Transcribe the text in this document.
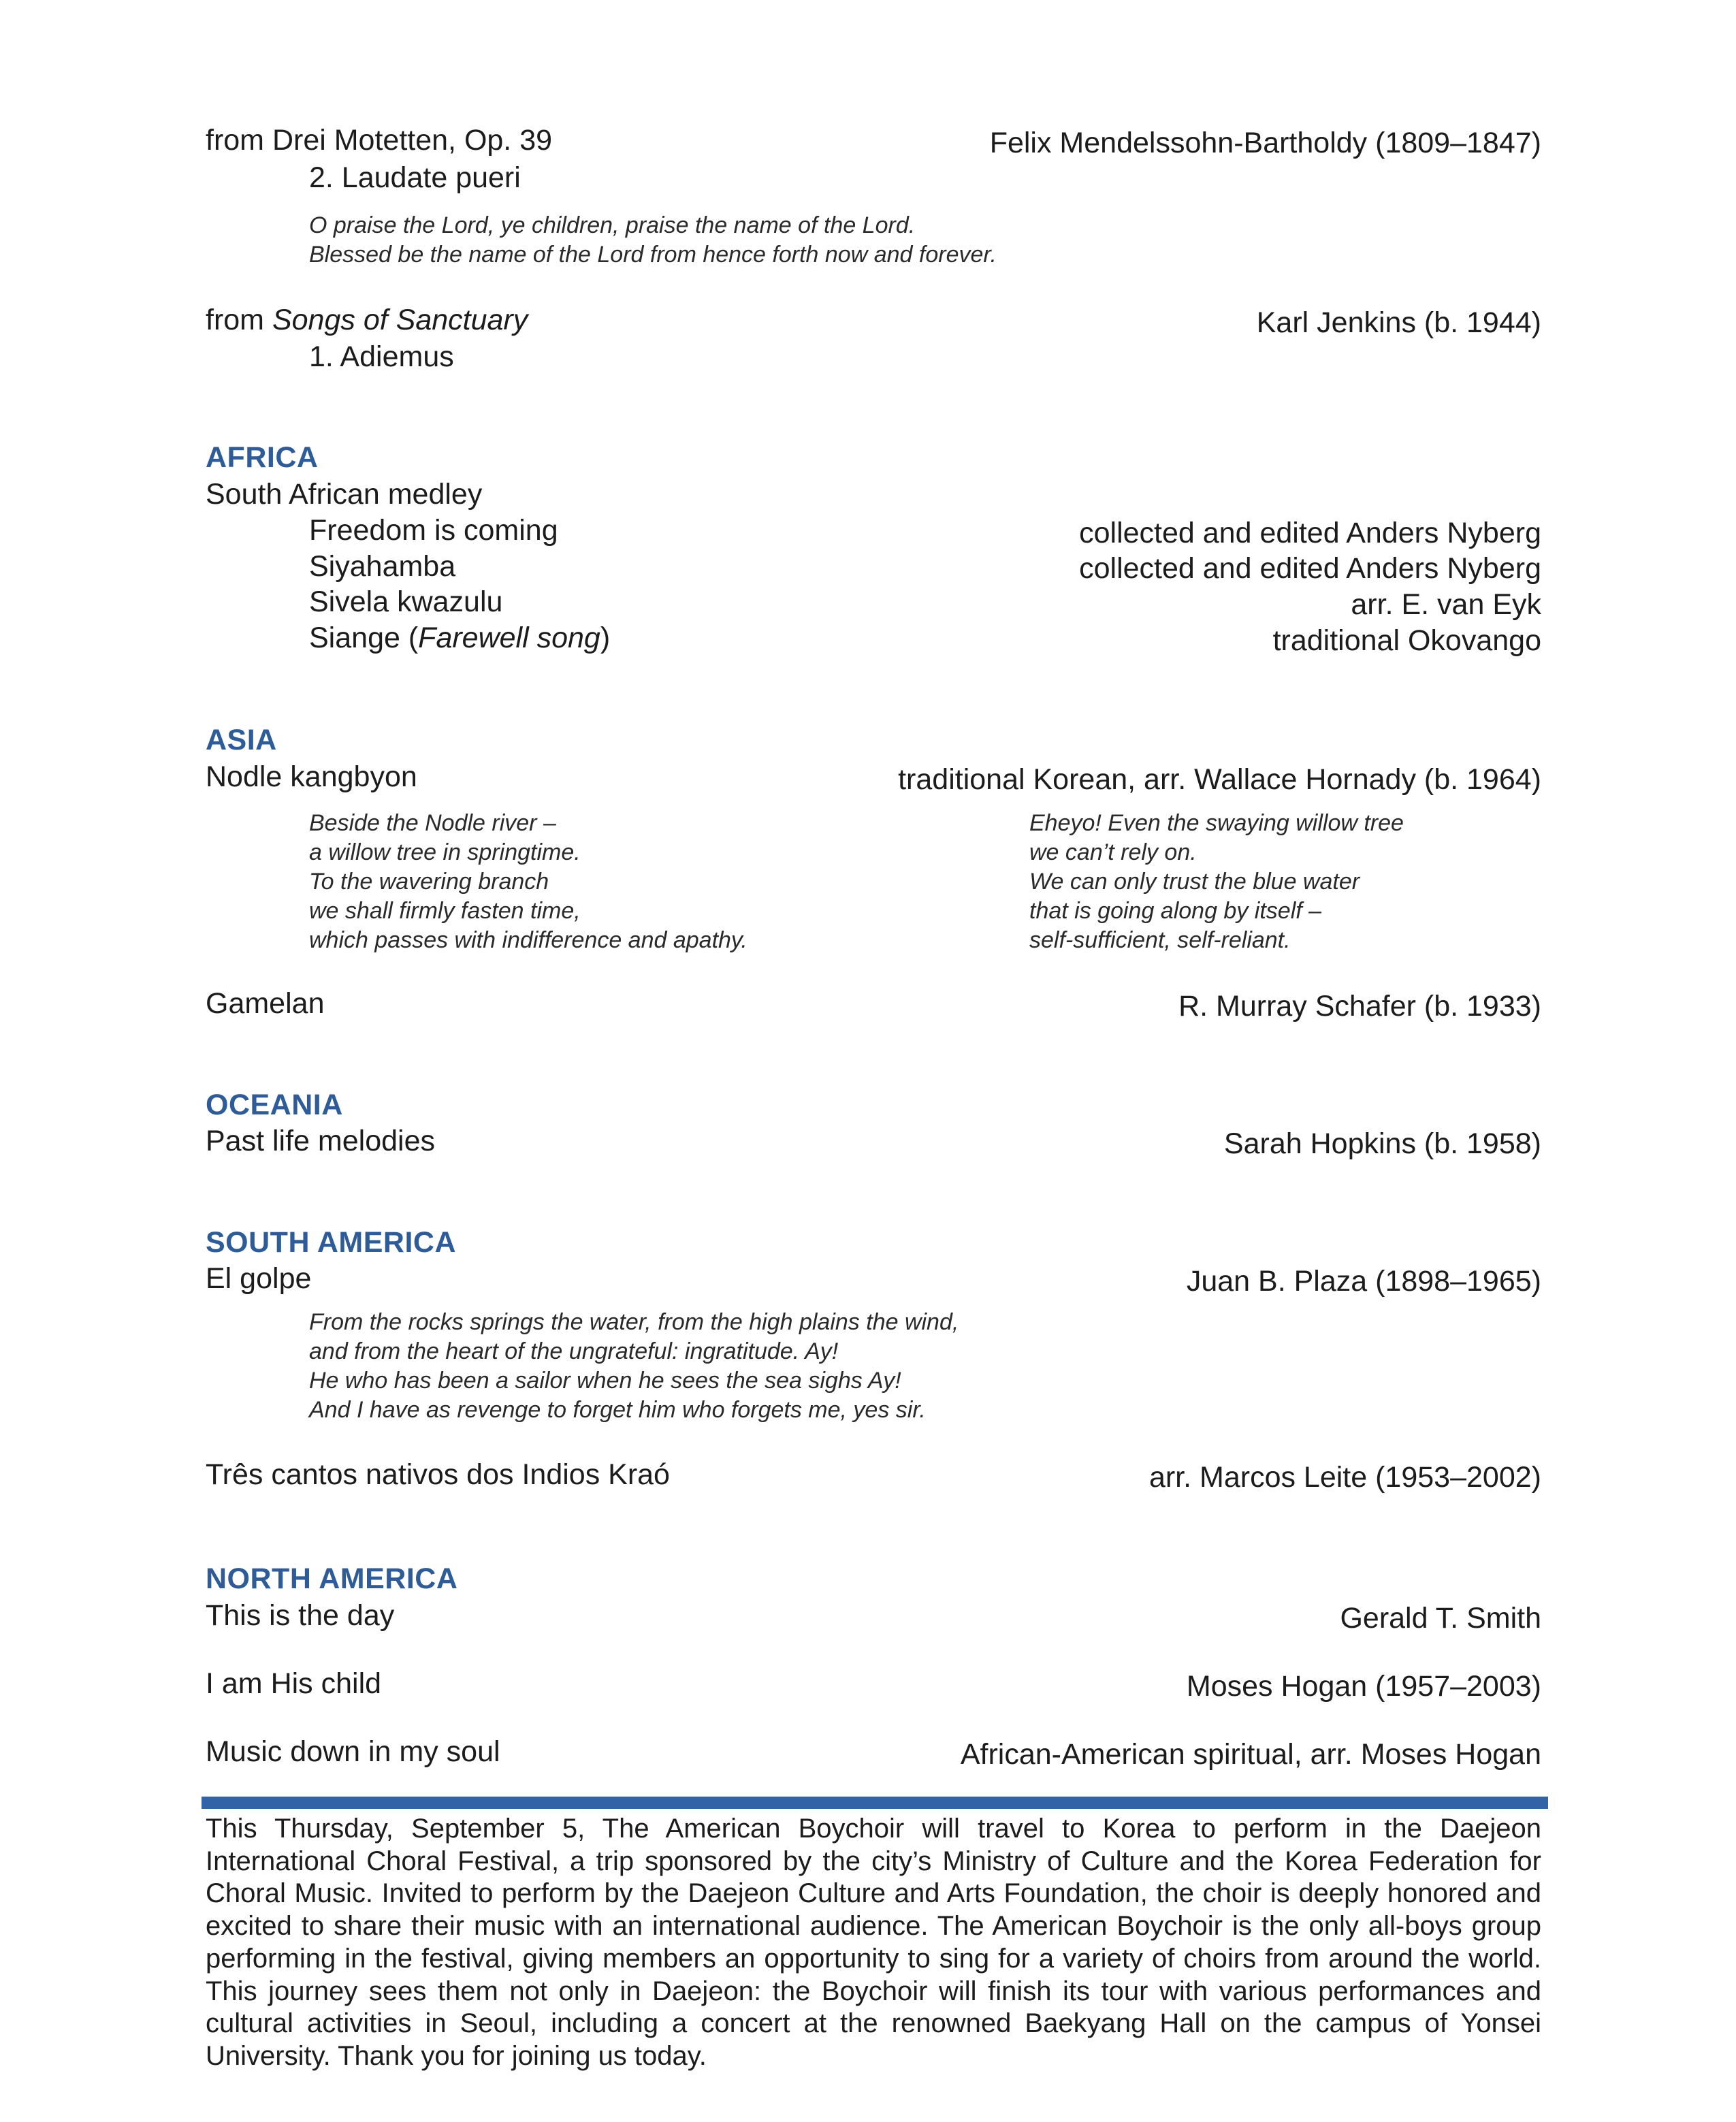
from Drei Motetten, Op. 39	Felix Mendelssohn-Bartholdy (1809–1847)
2. Laudate pueri
O praise the Lord, ye children, praise the name of the Lord.
Blessed be the name of the Lord from hence forth now and forever.
from Songs of Sanctuary	Karl Jenkins (b. 1944)
1. Adiemus
AFRICA
South African medley
Freedom is coming	collected and edited Anders Nyberg
Siyahamba	collected and edited Anders Nyberg
Sivela kwazulu	arr. E. van Eyk
Siange (Farewell song)	traditional Okovango
ASIA
Nodle kangbyon	traditional Korean, arr. Wallace Hornady (b. 1964)
Beside the Nodle river –
a willow tree in springtime.
To the wavering branch
we shall firmly fasten time,
which passes with indifference and apathy.
Eheyo! Even the swaying willow tree
we can’t rely on.
We can only trust the blue water
that is going along by itself –
self-sufficient, self-reliant.
Gamelan	R. Murray Schafer (b. 1933)
OCEANIA
Past life melodies	Sarah Hopkins (b. 1958)
SOUTH AMERICA
El golpe	Juan B. Plaza (1898–1965)
From the rocks springs the water, from the high plains the wind,
and from the heart of the ungrateful: ingratitude. Ay!
He who has been a sailor when he sees the sea sighs Ay!
And I have as revenge to forget him who forgets me, yes sir.
Três cantos nativos dos Indios Kraó	arr. Marcos Leite (1953–2002)
NORTH AMERICA
This is the day	Gerald T. Smith
I am His child	Moses Hogan (1957–2003)
Music down in my soul	African-American spiritual, arr. Moses Hogan
This Thursday, September 5, The American Boychoir will travel to Korea to perform in the Daejeon International Choral Festival, a trip sponsored by the city’s Ministry of Culture and the Korea Federation for Choral Music. Invited to perform by the Daejeon Culture and Arts Foundation, the choir is deeply honored and excited to share their music with an international audience. The American Boychoir is the only all-boys group performing in the festival, giving members an opportunity to sing for a variety of choirs from around the world. This journey sees them not only in Daejeon: the Boychoir will finish its tour with various performances and cultural activities in Seoul, including a concert at the renowned Baekyang Hall on the campus of Yonsei University. Thank you for joining us today.
